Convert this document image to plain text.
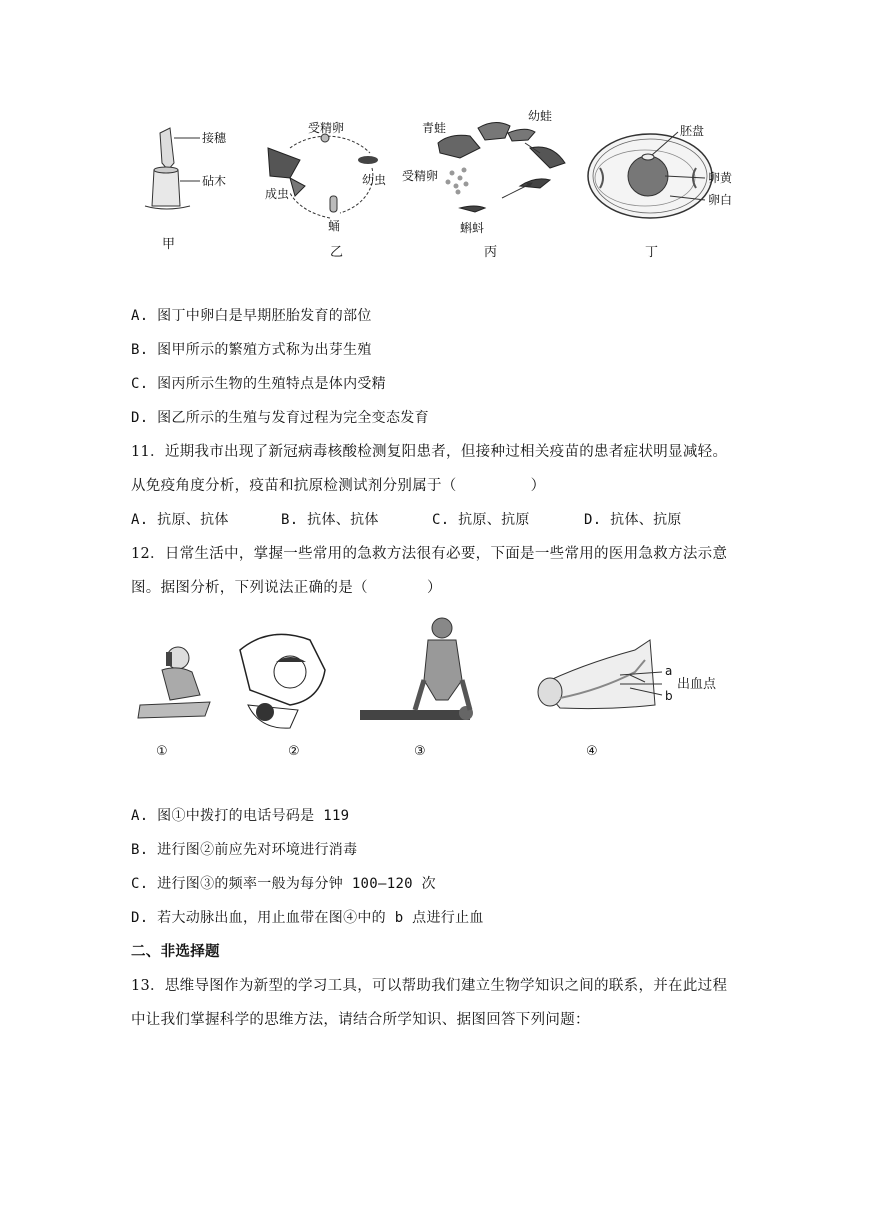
接穗
砧木
受精卵
幼虫
成虫
蛹
青蛙
幼蛙
受精卵
蝌蚪
胚盘
卵黄
卵白
甲
乙	丙	丁
A. 图丁中卵白是早期胚胎发育的部位
B. 图甲所示的繁殖方式称为出芽生殖
C. 图丙所示生物的生殖特点是体内受精
D. 图乙所示的生殖与发育过程为完全变态发育
11．近期我市出现了新冠病毒核酸检测复阳患者，但接种过相关疫苗的患者症状明显减轻。
从免疫角度分析，疫苗和抗原检测试剂分别属于（　　　　　）
A. 抗原、抗体	B. 抗体、抗体	C. 抗原、抗原	D. 抗体、抗原
12．日常生活中，掌握一些常用的急救方法很有必要，下面是一些常用的医用急救方法示意
图。据图分析，下列说法正确的是（　　　　）
a
出血点
b
①	②	③	④
A. 图①中拨打的电话号码是 119
B. 进行图②前应先对环境进行消毒
C. 进行图③的频率一般为每分钟 100—120 次
D. 若大动脉出血，用止血带在图④中的 b 点进行止血
二、非选择题
13．思维导图作为新型的学习工具，可以帮助我们建立生物学知识之间的联系，并在此过程
中让我们掌握科学的思维方法，请结合所学知识、据图回答下列问题：
